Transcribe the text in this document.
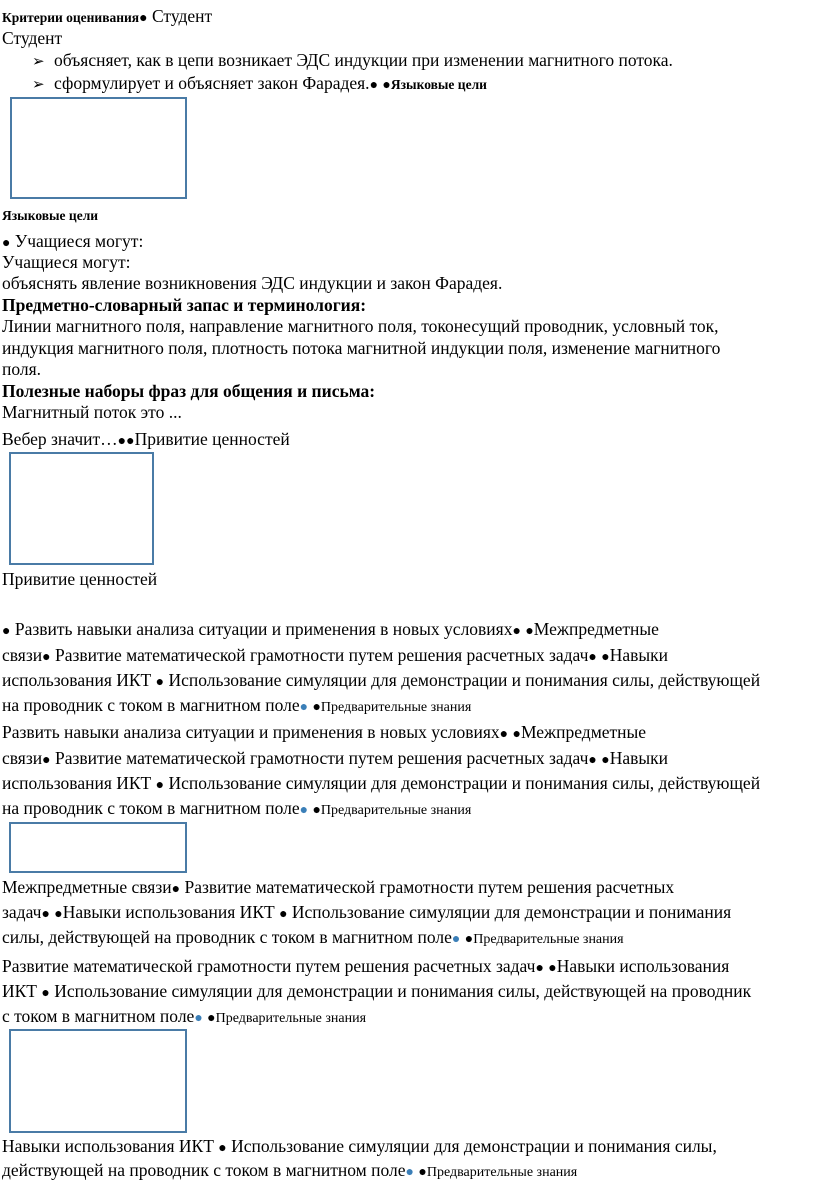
Критерии оценивания● Студент
Студент
➢ объясняет, как в цепи возникает ЭДС индукции при изменении магнитного потока.
➢ сформулирует и объясняет закон Фарадея.● ●Языковые цели
Языковые цели
● Учащиеся могут:
Учащиеся могут:
объяснять явление возникновения ЭДС индукции и закон Фарадея.
Предметно-словарный запас и терминология:
Линии магнитного поля, направление магнитного поля, токонесущий проводник, условный ток,
индукция магнитного поля, плотность потока магнитной индукции поля, изменение магнитного
поля.
Полезные наборы фраз для общения и письма:
Магнитный поток это ...
Вебер значит…●●Привитие ценностей
Привитие ценностей
● Развить навыки анализа ситуации и применения в новых условиях● ●Межпредметные
связи● Развитие математической грамотности путем решения расчетных задач● ●Навыки
использования ИКТ ● Использование симуляции для демонстрации и понимания силы, действующей
на проводник с током в магнитном поле● ●Предварительные знания
Развить навыки анализа ситуации и применения в новых условиях● ●Межпредметные
связи● Развитие математической грамотности путем решения расчетных задач● ●Навыки
использования ИКТ ● Использование симуляции для демонстрации и понимания силы, действующей
на проводник с током в магнитном поле● ●Предварительные знания
Межпредметные связи● Развитие математической грамотности путем решения расчетных
задач● ●Навыки использования ИКТ ● Использование симуляции для демонстрации и понимания
силы, действующей на проводник с током в магнитном поле● ●Предварительные знания
Развитие математической грамотности путем решения расчетных задач● ●Навыки использования
ИКТ ● Использование симуляции для демонстрации и понимания силы, действующей на проводник
с током в магнитном поле● ●Предварительные знания
Навыки использования ИКТ ● Использование симуляции для демонстрации и понимания силы,
действующей на проводник с током в магнитном поле● ●Предварительные знания
